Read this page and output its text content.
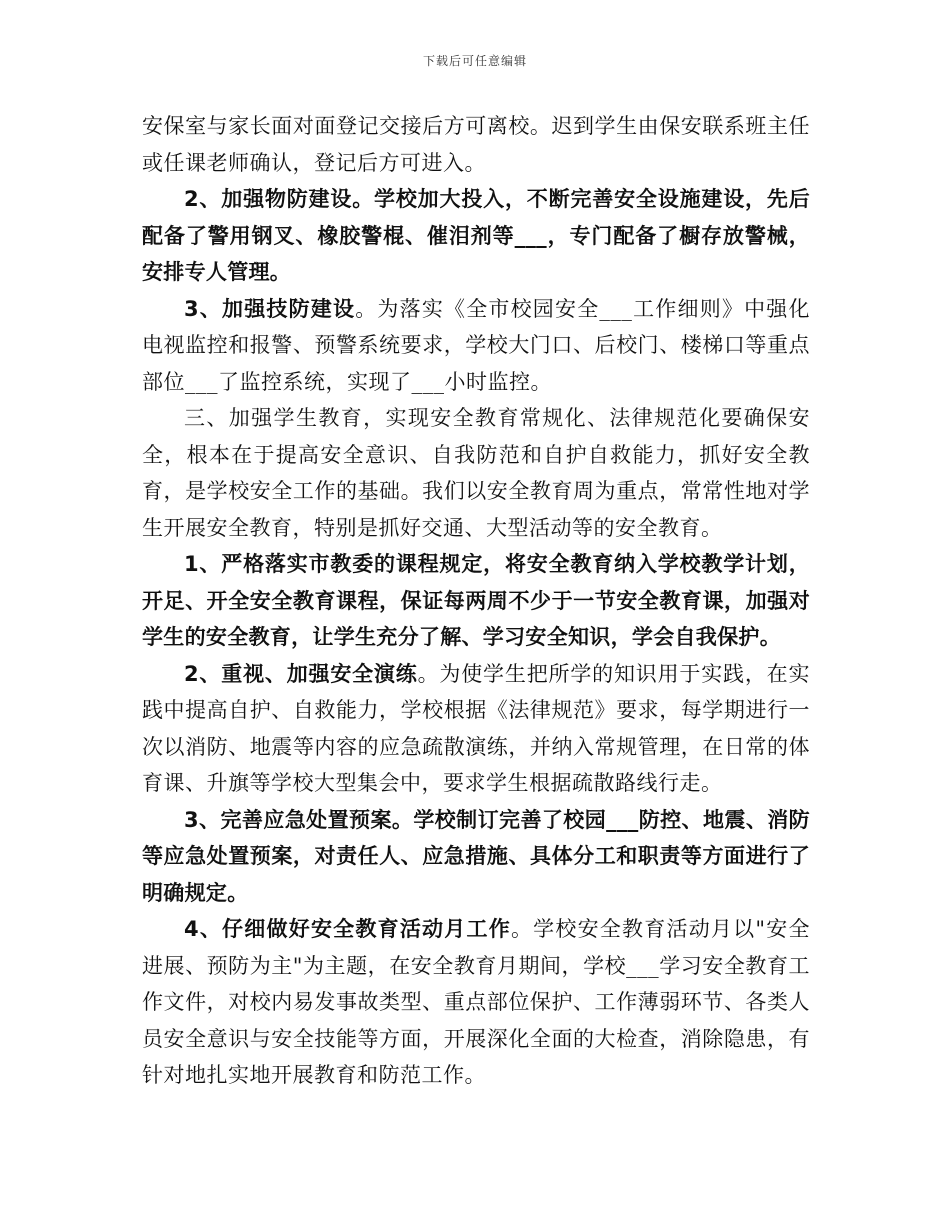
下载后可任意编辑

安保室与家长面对面登记交接后方可离校。迟到学生由保安联系班主任或任课老师确认，登记后方可进入。

2、加强物防建设。学校加大投入，不断完善安全设施建设，先后配备了警用钢叉、橡胶警棍、催泪剂等___，专门配备了橱存放警械，安排专人管理。

3、加强技防建设。为落实《全市校园安全___工作细则》中强化电视监控和报警、预警系统要求，学校大门口、后校门、楼梯口等重点部位___了监控系统，实现了___小时监控。

三、加强学生教育，实现安全教育常规化、法律规范化要确保安全，根本在于提高安全意识、自我防范和自护自救能力，抓好安全教育，是学校安全工作的基础。我们以安全教育周为重点，常常性地对学生开展安全教育，特别是抓好交通、大型活动等的安全教育。

1、严格落实市教委的课程规定，将安全教育纳入学校教学计划，开足、开全安全教育课程，保证每两周不少于一节安全教育课，加强对学生的安全教育，让学生充分了解、学习安全知识，学会自我保护。

2、重视、加强安全演练。为使学生把所学的知识用于实践，在实践中提高自护、自救能力，学校根据《法律规范》要求，每学期进行一次以消防、地震等内容的应急疏散演练，并纳入常规管理，在日常的体育课、升旗等学校大型集会中，要求学生根据疏散路线行走。

3、完善应急处置预案。学校制订完善了校园___防控、地震、消防等应急处置预案，对责任人、应急措施、具体分工和职责等方面进行了明确规定。

4、仔细做好安全教育活动月工作。学校安全教育活动月以"安全进展、预防为主"为主题，在安全教育月期间，学校___学习安全教育工作文件，对校内易发事故类型、重点部位保护、工作薄弱环节、各类人员安全意识与安全技能等方面，开展深化全面的大检查，消除隐患，有针对地扎实地开展教育和防范工作。
